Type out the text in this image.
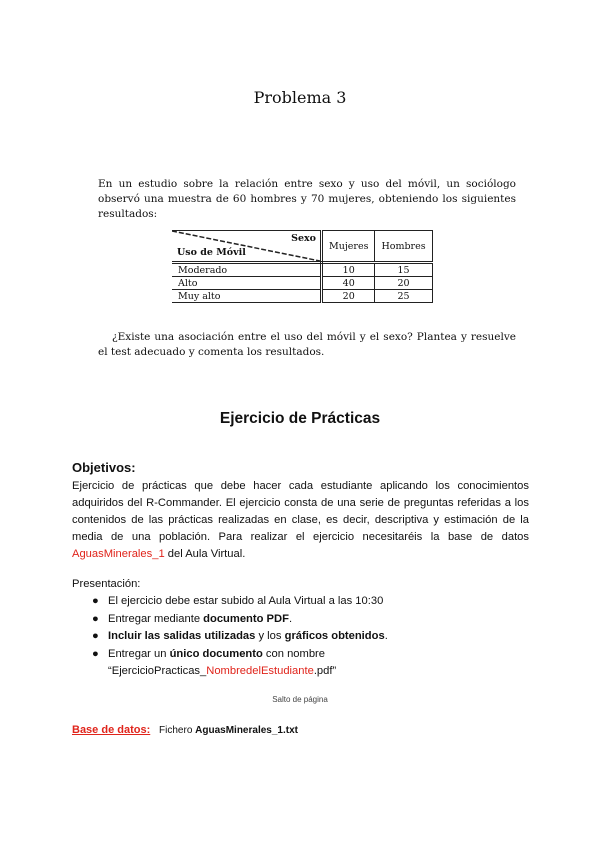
Problema 3
En un estudio sobre la relación entre sexo y uso del móvil, un sociólogo observó una muestra de 60 hombres y 70 mujeres, obteniendo los siguientes resultados:
Sexo
Uso de Móvil	Mujeres	Hombres
Moderado	10	15
Alto	40	20
Muy alto	20	25
¿Existe una asociación entre el uso del móvil y el sexo? Plantea y resuelve el test adecuado y comenta los resultados.
Ejercicio de Prácticas
Objetivos:
Ejercicio de prácticas que debe hacer cada estudiante aplicando los conocimientos adquiridos del R-Commander. El ejercicio consta de una serie de preguntas referidas a los contenidos de las prácticas realizadas en clase, es decir, descriptiva y estimación de la media de una población. Para realizar el ejercicio necesitaréis la base de datos AguasMinerales_1 del Aula Virtual.
Presentación:
● El ejercicio debe estar subido al Aula Virtual a las 10:30
● Entregar mediante documento PDF.
● Incluir las salidas utilizadas y los gráficos obtenidos.
● Entregar un único documento con nombre
“EjercicioPracticas_NombredelEstudiante.pdf”
Salto de página
Base de datos: Fichero AguasMinerales_1.txt
